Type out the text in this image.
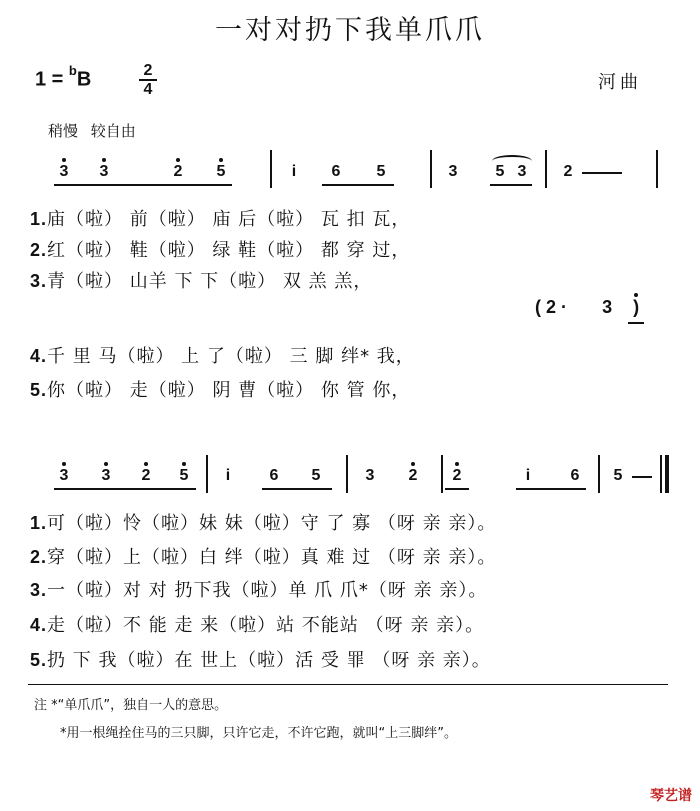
一对对扔下我单爪爪
1 = $^b$B	2
4	河曲
稍慢 较自由
3 3	2 5	i	6 5	3 5 3 2
1.庙（啦） 前（啦） 庙 后（啦） 瓦 扣 瓦，
2.红（啦） 鞋（啦） 绿 鞋（啦） 都 穿 过，
3.青（啦） 山羊 下 下（啦） 双 羔 羔，
( 2 · 3 )
4.千 里 马（啦） 上 了（啦） 三 脚 绊* 我，
5.你（啦） 走（啦） 阴 曹（啦） 你 管 你，
3 3 2 5	i	6 5	3 2 2	i	6 5
1.可（啦）怜（啦）妹 妹（啦）守 了 寡 （呀 亲 亲）。
2.穿（啦）上（啦）白 绊（啦）真 难 过 （呀 亲 亲）。
3.一（啦）对 对 扔下我（啦）单 爪 爪*（呀 亲 亲）。
4.走（啦）不 能 走 来（啦）站 不能站 （呀 亲 亲）。
5.扔 下 我（啦）在 世上（啦）活 受 罪 （呀 亲 亲）。
注 *“单爪爪”，独自一人的意思。
*用一根绳拴住马的三只脚，只许它走，不许它跑，就叫“上三脚绊”。
琴艺谱
